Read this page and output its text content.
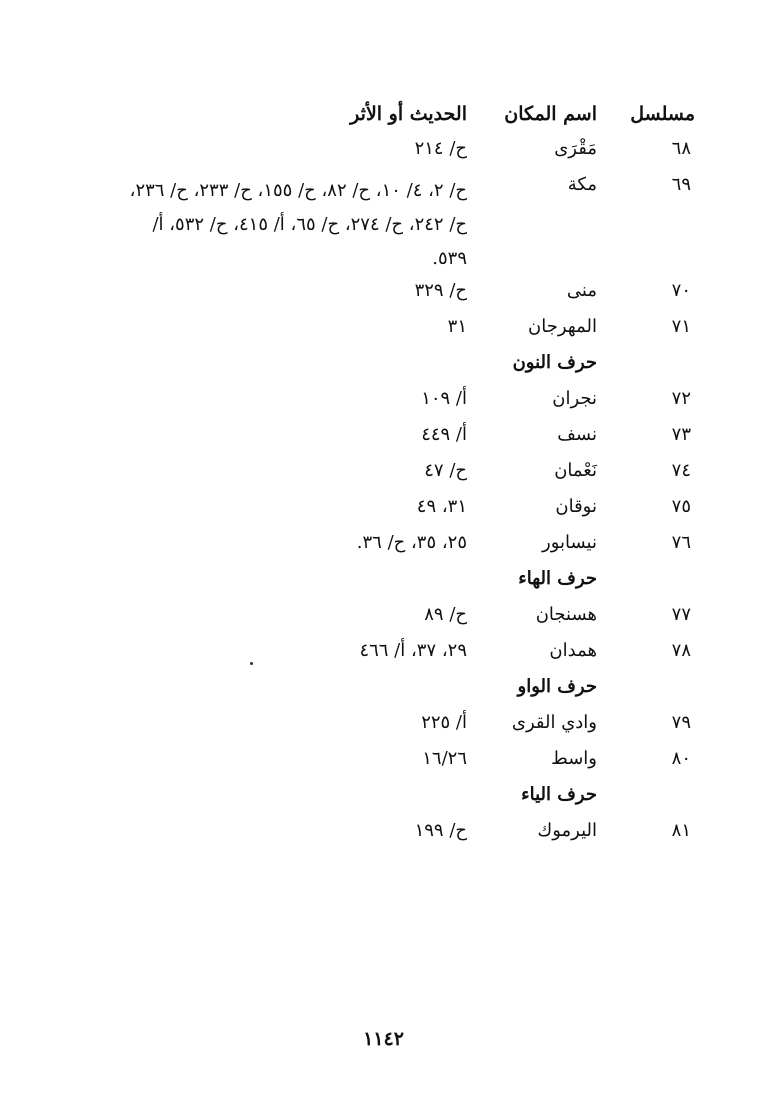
مسلسل
اسم المكان
الحديث أو الأثر
٦٨
مَقْرَى
ح/ ٢١٤
٦٩
مكة
ح/ ٢، ٤/ ١٠، ح/ ٨٢، ح/ ١٥٥، ح/ ٢٣٣، ح/ ٢٣٦،
ح/ ٢٤٢، ح/ ٢٧٤، ح/ ٦٥، أ/ ٤١٥، ح/ ٥٣٢، أ/
٥٣٩.
٧٠
منى
ح/ ٣٢٩
٧١
المهرجان
٣١
حرف النون
٧٢
نجران
أ/ ١٠٩
٧٣
نسف
أ/ ٤٤٩
٧٤
نَعْمان
ح/ ٤٧
٧٥
نوقان
٣١، ٤٩
٧٦
نيسابور
٢٥، ٣٥، ح/ ٣٦.
حرف الهاء
٧٧
هسنجان
ح/ ٨٩
٧٨
همدان
٢٩، ٣٧، أ/ ٤٦٦
حرف الواو
٧٩
وادي القرى
أ/ ٢٢٥
٨٠
واسط
١٦/٢٦
حرف الياء
٨١
اليرموك
ح/ ١٩٩
١١٤٢
